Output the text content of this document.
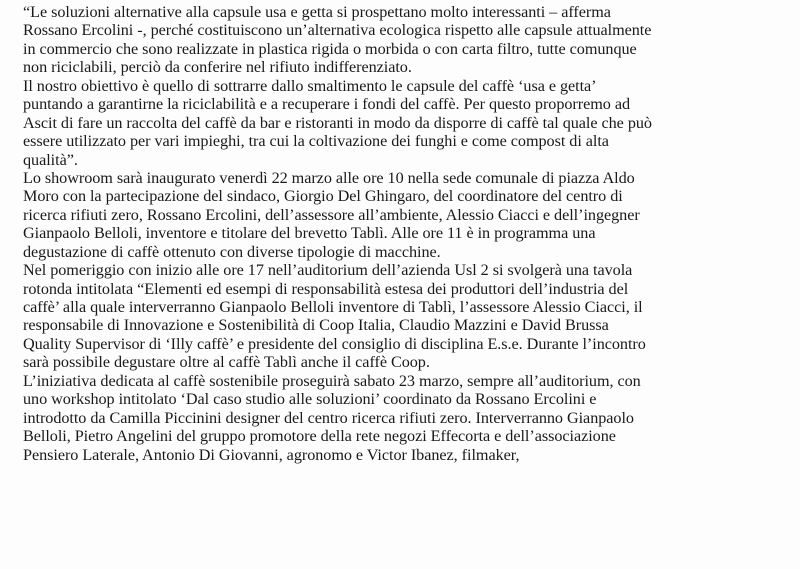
“Le soluzioni alternative alla capsule usa e getta si prospettano molto interessanti – afferma
Rossano Ercolini -, perché costituiscono un’alternativa ecologica rispetto alle capsule attualmente
in commercio che sono realizzate in plastica rigida o morbida o con carta filtro, tutte comunque
non riciclabili, perciò da conferire nel rifiuto indifferenziato.
Il nostro obiettivo è quello di sottrarre dallo smaltimento le capsule del caffè ‘usa e getta’
puntando a garantirne la riciclabilità e a recuperare i fondi del caffè. Per questo proporremo ad
Ascit di fare un raccolta del caffè da bar e ristoranti in modo da disporre di caffè tal quale che può
essere utilizzato per vari impieghi, tra cui la coltivazione dei funghi e come compost di alta
qualità”.
Lo showroom sarà inaugurato venerdì 22 marzo alle ore 10 nella sede comunale di piazza Aldo
Moro con la partecipazione del sindaco, Giorgio Del Ghingaro, del coordinatore del centro di
ricerca rifiuti zero, Rossano Ercolini, dell’assessore all’ambiente, Alessio Ciacci e dell’ingegner
Gianpaolo Belloli, inventore e titolare del brevetto Tablì. Alle ore 11 è in programma una
degustazione di caffè ottenuto con diverse tipologie di macchine.
Nel pomeriggio con inizio alle ore 17 nell’auditorium dell’azienda Usl 2 si svolgerà una tavola
rotonda intitolata “Elementi ed esempi di responsabilità estesa dei produttori dell’industria del
caffè’ alla quale interverranno Gianpaolo Belloli inventore di Tablì, l’assessore Alessio Ciacci, il
responsabile di Innovazione e Sostenibilità di Coop Italia, Claudio Mazzini e David Brussa
Quality Supervisor di ‘Illy caffè’ e presidente del consiglio di disciplina E.s.e. Durante l’incontro
sarà possibile degustare oltre al caffè Tablì anche il caffè Coop.
L’iniziativa dedicata al caffè sostenibile proseguirà sabato 23 marzo, sempre all’auditorium, con
uno workshop intitolato ‘Dal caso studio alle soluzioni’ coordinato da Rossano Ercolini e
introdotto da Camilla Piccinini designer del centro ricerca rifiuti zero. Interverranno Gianpaolo
Belloli, Pietro Angelini del gruppo promotore della rete negozi Effecorta e dell’associazione
Pensiero Laterale, Antonio Di Giovanni, agronomo e Victor Ibanez, filmaker,
